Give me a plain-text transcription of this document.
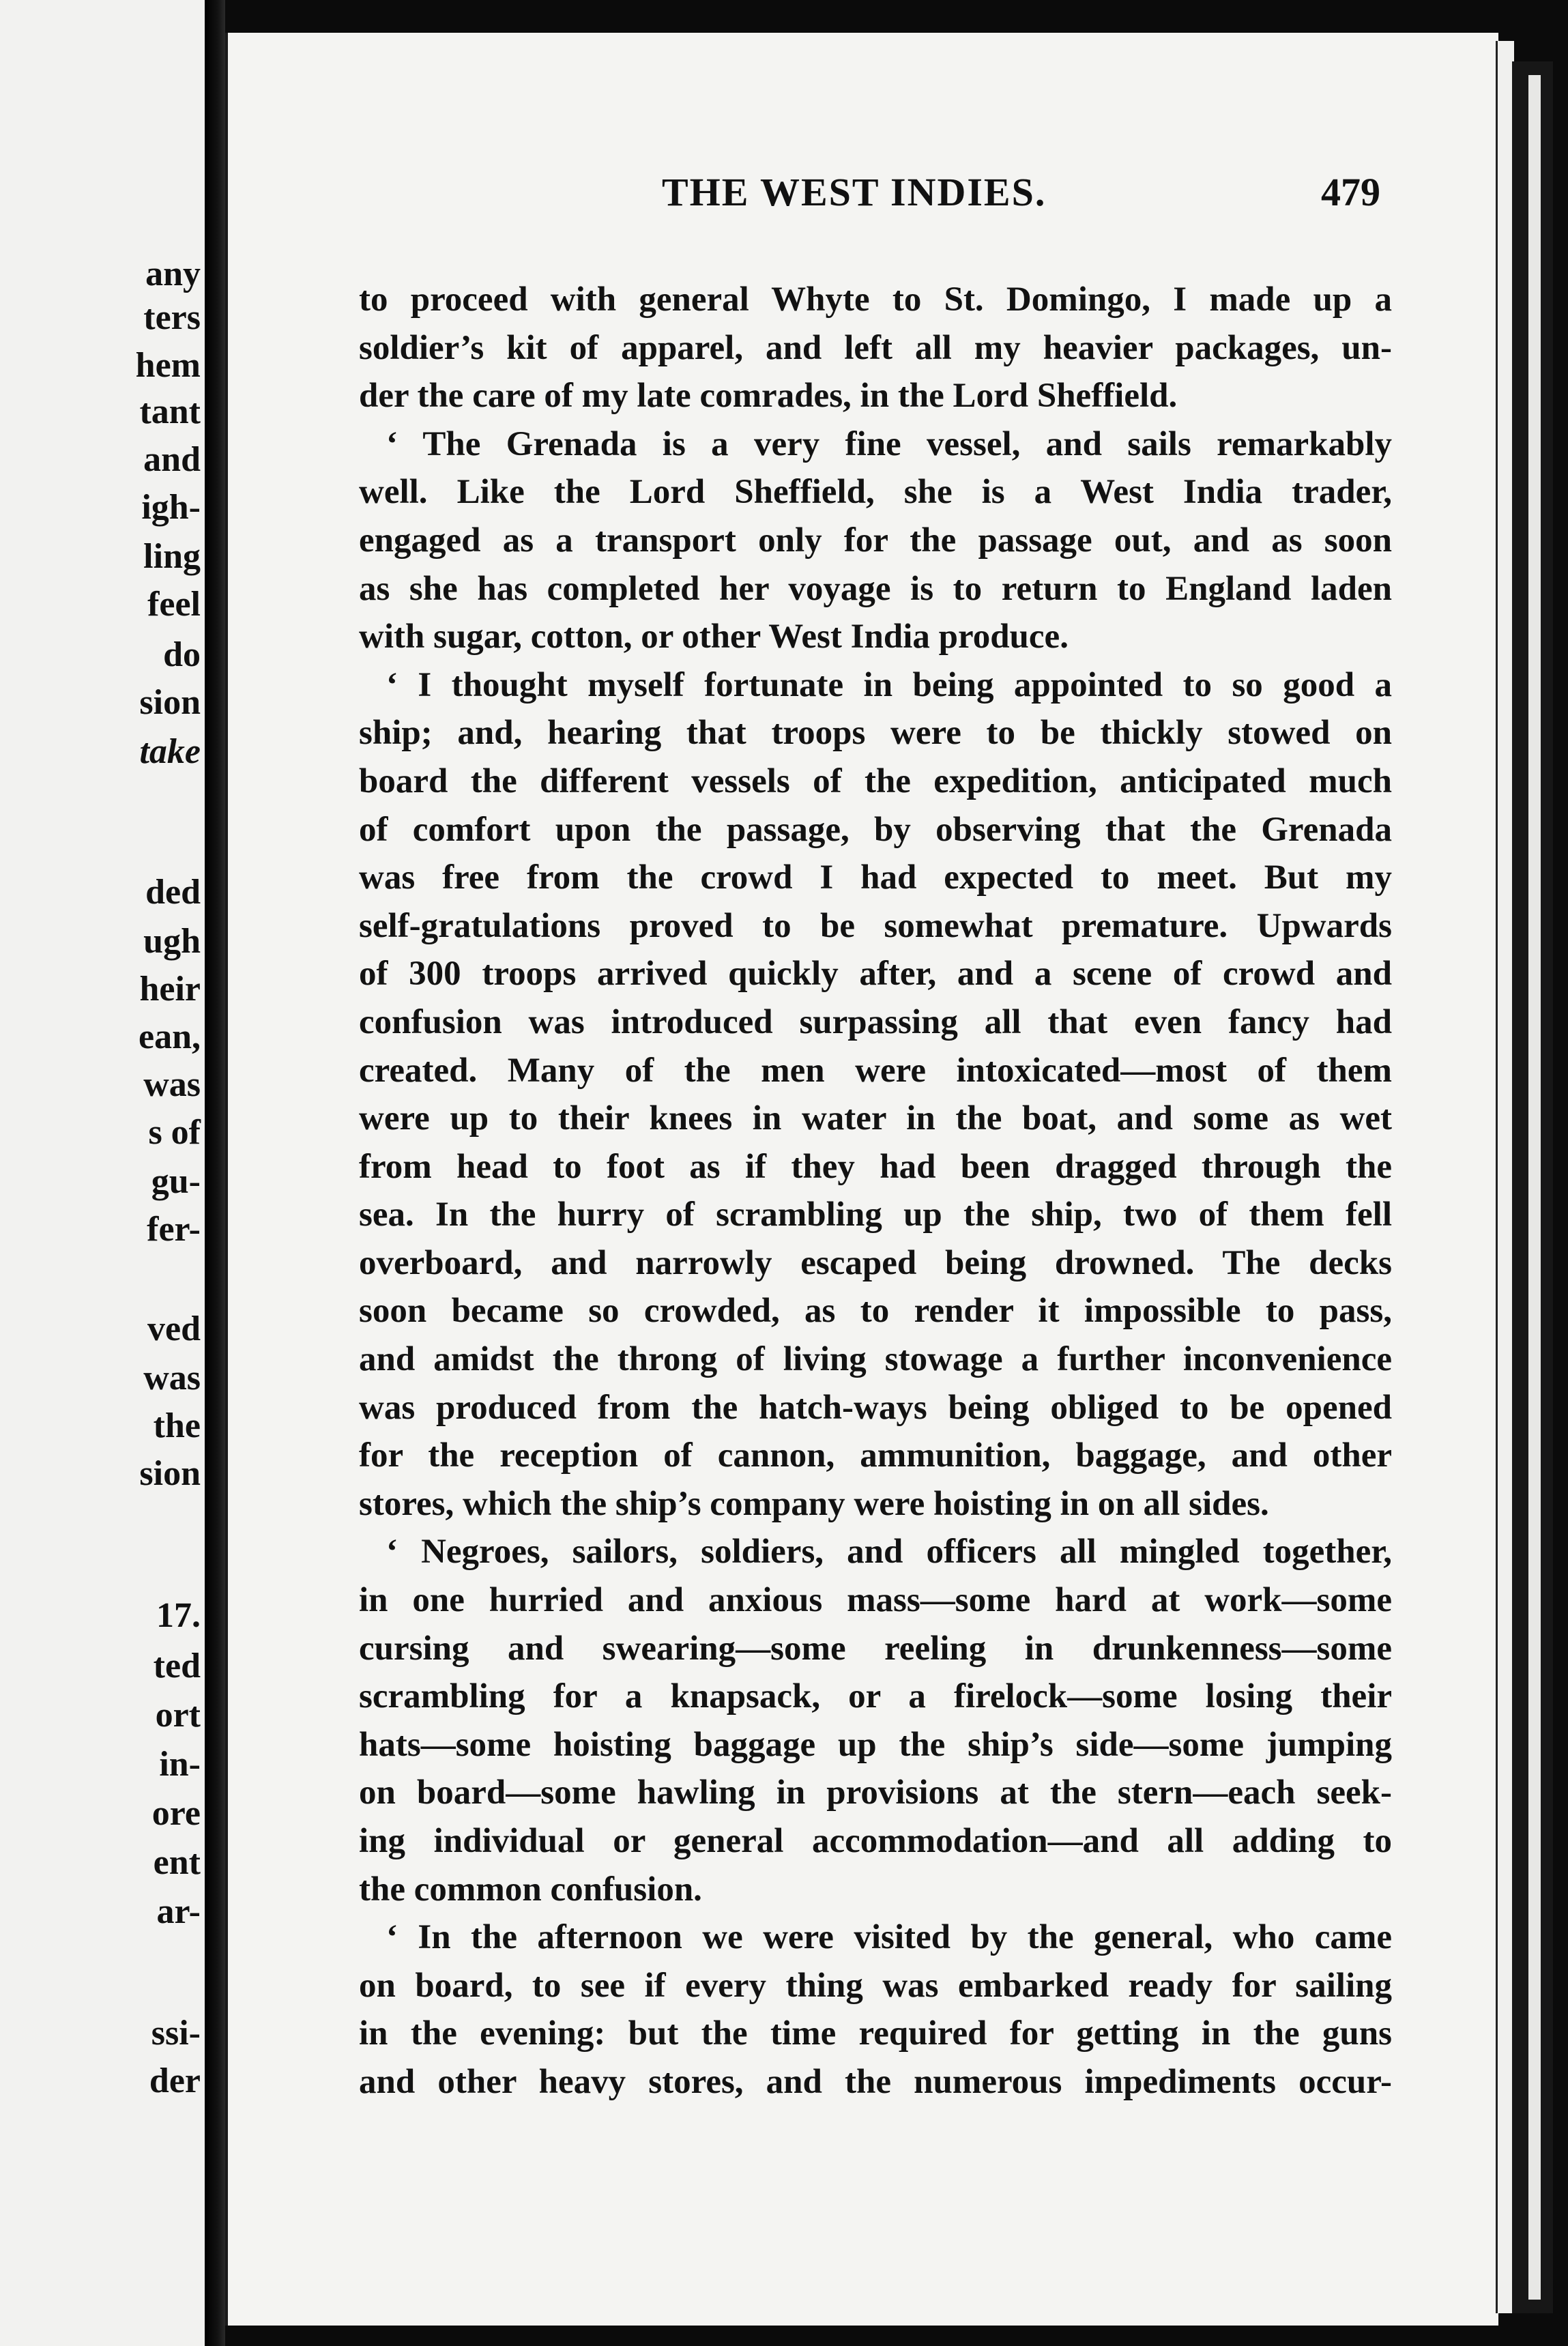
any
ters
hem
tant
and
igh-
ling
feel
do
sion
take
ded
ugh
heir
ean,
was
s of
gu-
fer-
ved
was
the
sion
17.
ted
ort
in-
ore
ent
ar-
ssi-
der
THE WEST INDIES.	479
to proceed with general Whyte to St. Domingo, I made up a
soldier’s kit of apparel, and left all my heavier packages, un-
der the care of my late comrades, in the Lord Sheffield.
‘ The Grenada is a very fine vessel, and sails remarkably
well. Like the Lord Sheffield, she is a West India trader,
engaged as a transport only for the passage out, and as soon
as she has completed her voyage is to return to England laden
with sugar, cotton, or other West India produce.
‘ I thought myself fortunate in being appointed to so good a
ship; and, hearing that troops were to be thickly stowed on
board the different vessels of the expedition, anticipated much
of comfort upon the passage, by observing that the Grenada
was free from the crowd I had expected to meet. But my
self-gratulations proved to be somewhat premature. Upwards
of 300 troops arrived quickly after, and a scene of crowd and
confusion was introduced surpassing all that even fancy had
created. Many of the men were intoxicated—most of them
were up to their knees in water in the boat, and some as wet
from head to foot as if they had been dragged through the
sea. In the hurry of scrambling up the ship, two of them fell
overboard, and narrowly escaped being drowned. The decks
soon became so crowded, as to render it impossible to pass,
and amidst the throng of living stowage a further inconvenience
was produced from the hatch-ways being obliged to be opened
for the reception of cannon, ammunition, baggage, and other
stores, which the ship’s company were hoisting in on all sides.
‘ Negroes, sailors, soldiers, and officers all mingled together,
in one hurried and anxious mass—some hard at work—some
cursing and swearing—some reeling in drunkenness—some
scrambling for a knapsack, or a firelock—some losing their
hats—some hoisting baggage up the ship’s side—some jumping
on board—some hawling in provisions at the stern—each seek-
ing individual or general accommodation—and all adding to
the common confusion.
‘ In the afternoon we were visited by the general, who came
on board, to see if every thing was embarked ready for sailing
in the evening: but the time required for getting in the guns
and other heavy stores, and the numerous impediments occur-
